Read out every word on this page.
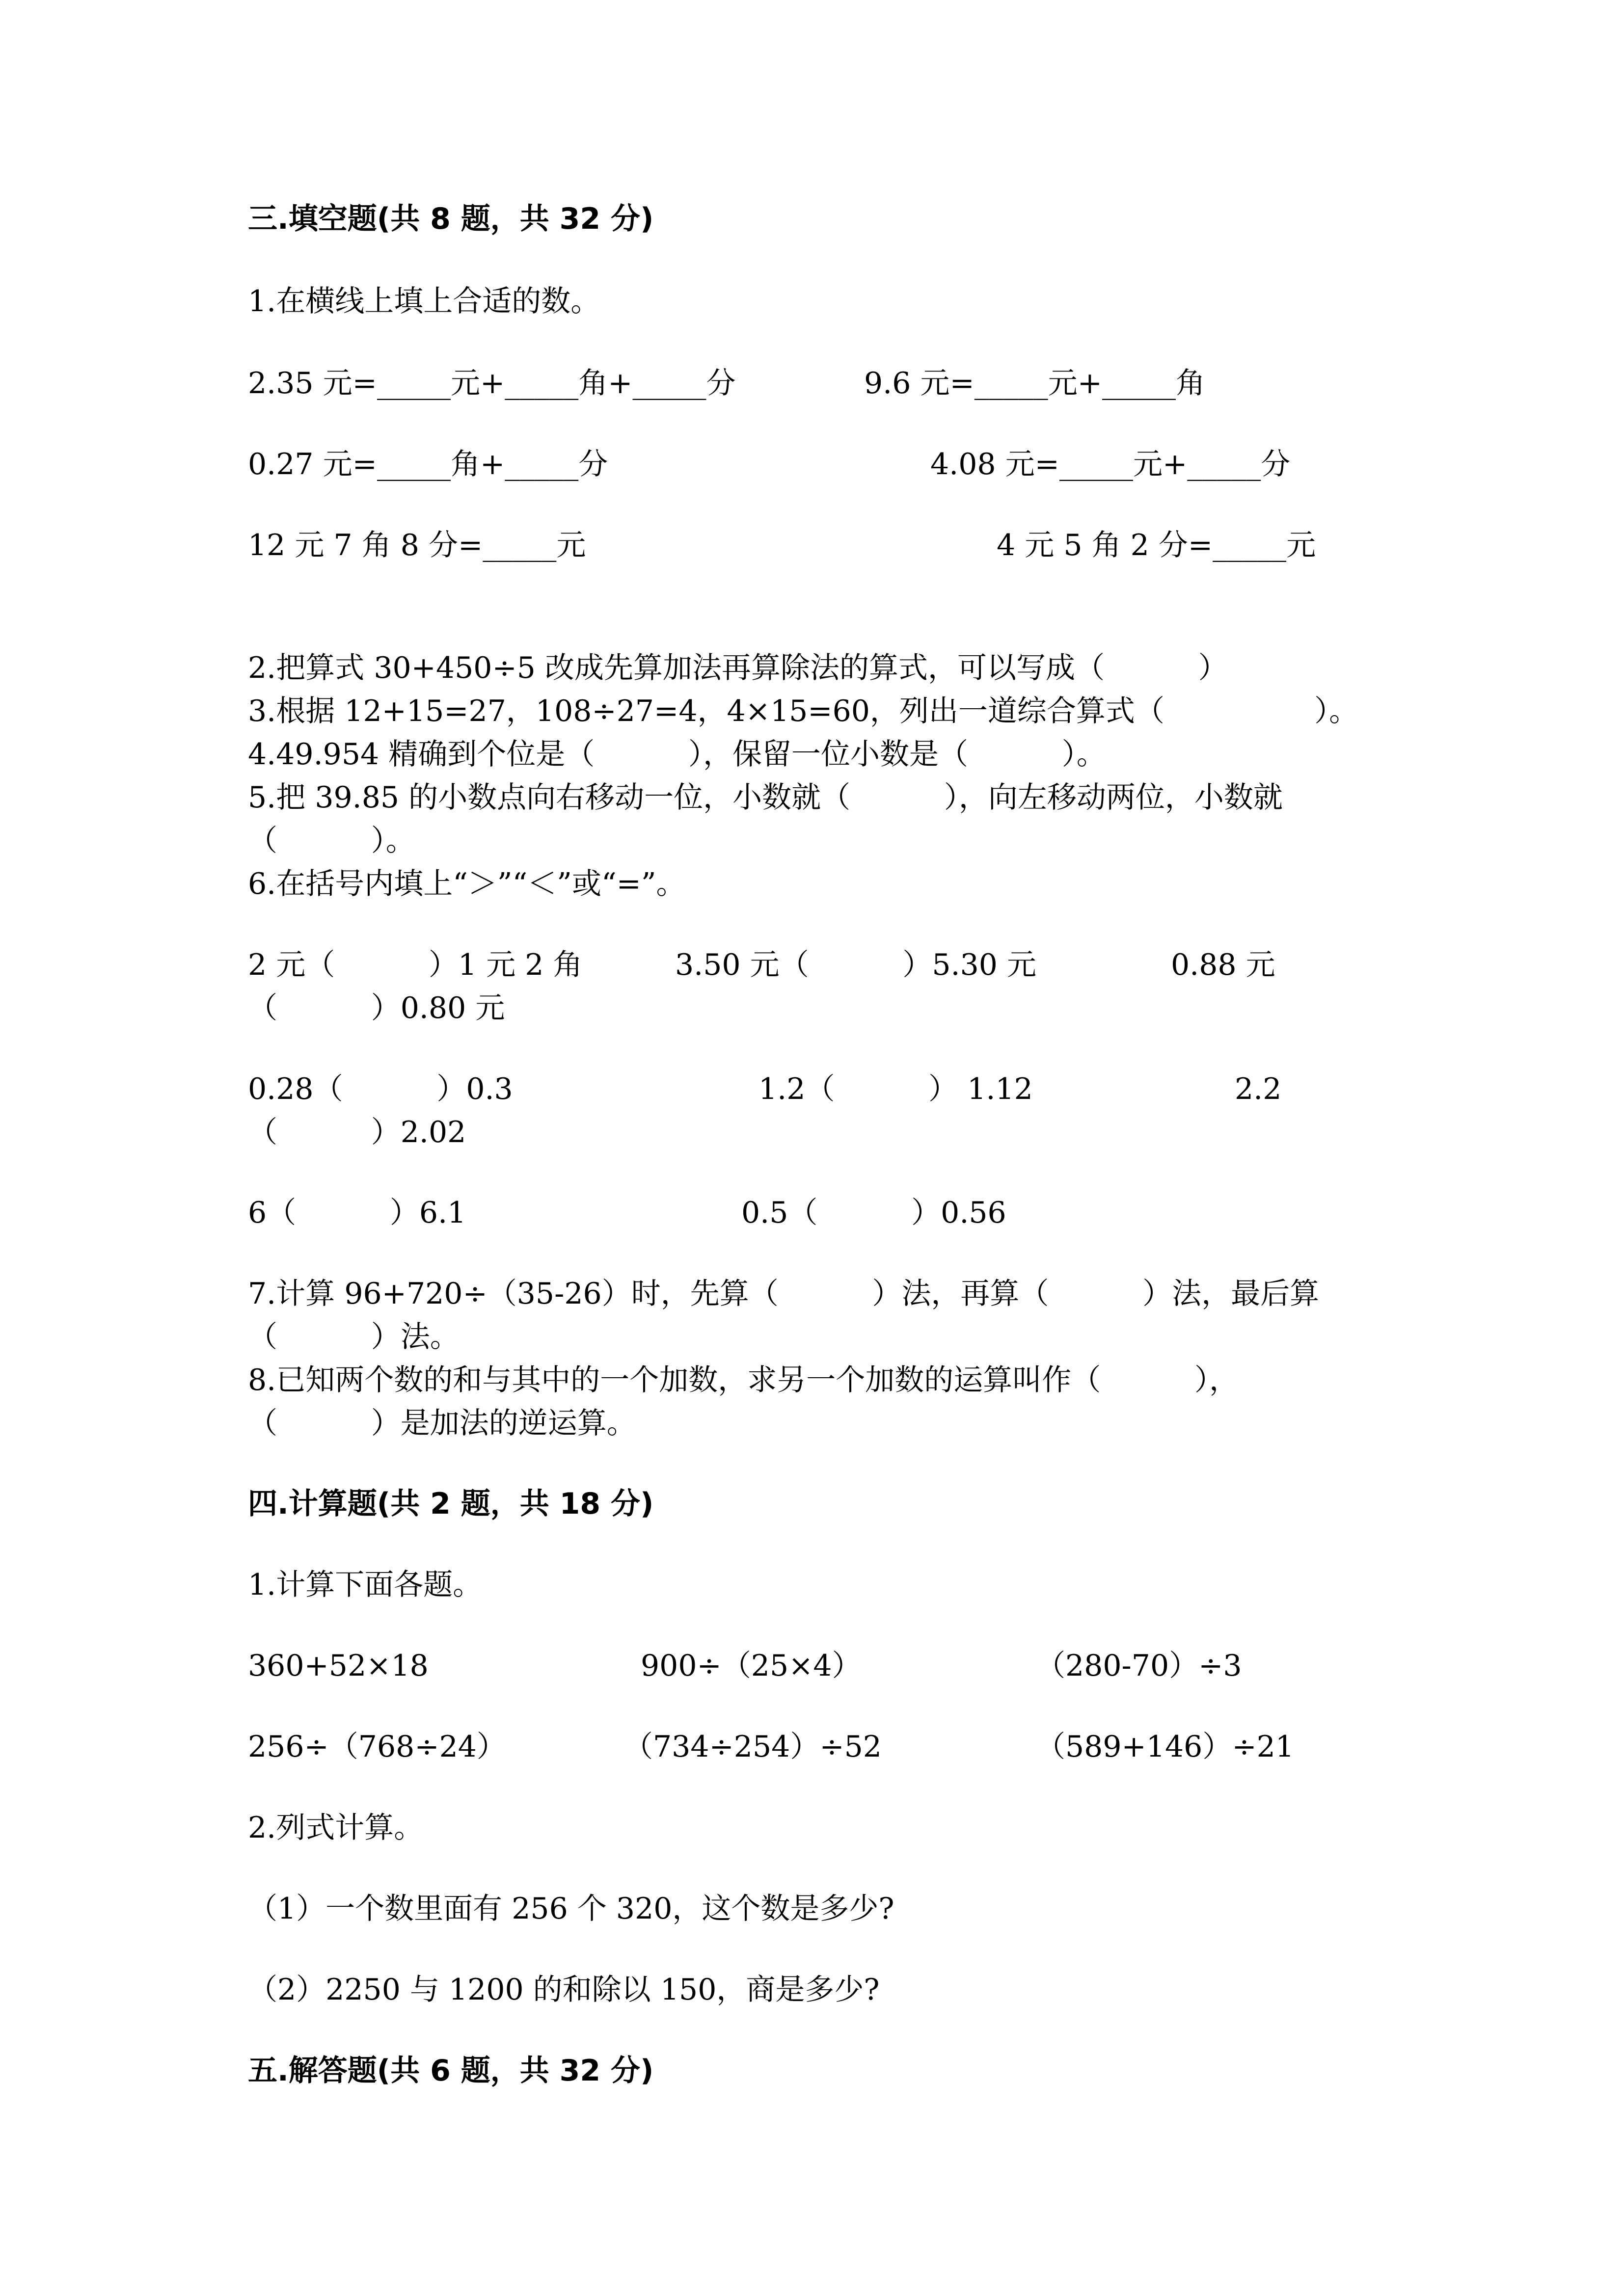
三.填空题(共 8 题，共 32 分)
1.在横线上填上合适的数。
2.35 元=_____元+_____角+_____分	9.6 元=_____元+_____角
0.27 元=_____角+_____分	4.08 元=_____元+_____分
12 元 7 角 8 分=_____元	4 元 5 角 2 分=_____元
2.把算式 30+450÷5 改成先算加法再算除法的算式，可以写成（          ）
3.根据 12+15=27，108÷27=4，4×15=60，列出一道综合算式（                ）。
4.49.954 精确到个位是（          ），保留一位小数是（          ）。
5.把 39.85 的小数点向右移动一位，小数就（          ），向左移动两位，小数就
（          ）。
6.在括号内填上“＞”“＜”或“=”。
2 元（          ）1 元 2 角	3.50 元（          ）5.30 元	0.88 元
（          ）0.80 元
0.28（          ）0.3	1.2（          ） 1.12	2.2
（          ）2.02
6（          ）6.1	0.5（          ）0.56
7.计算 96+720÷（35-26）时，先算（          ）法，再算（          ）法，最后算
（          ）法。
8.已知两个数的和与其中的一个加数，求另一个加数的运算叫作（          ），
（          ）是加法的逆运算。
四.计算题(共 2 题，共 18 分)
1.计算下面各题。
360+52×18	900÷（25×4）	（280-70）÷3
256÷（768÷24）	（734÷254）÷52	（589+146）÷21
2.列式计算。
（1）一个数里面有 256 个 320，这个数是多少?
（2）2250 与 1200 的和除以 150，商是多少?
五.解答题(共 6 题，共 32 分)
